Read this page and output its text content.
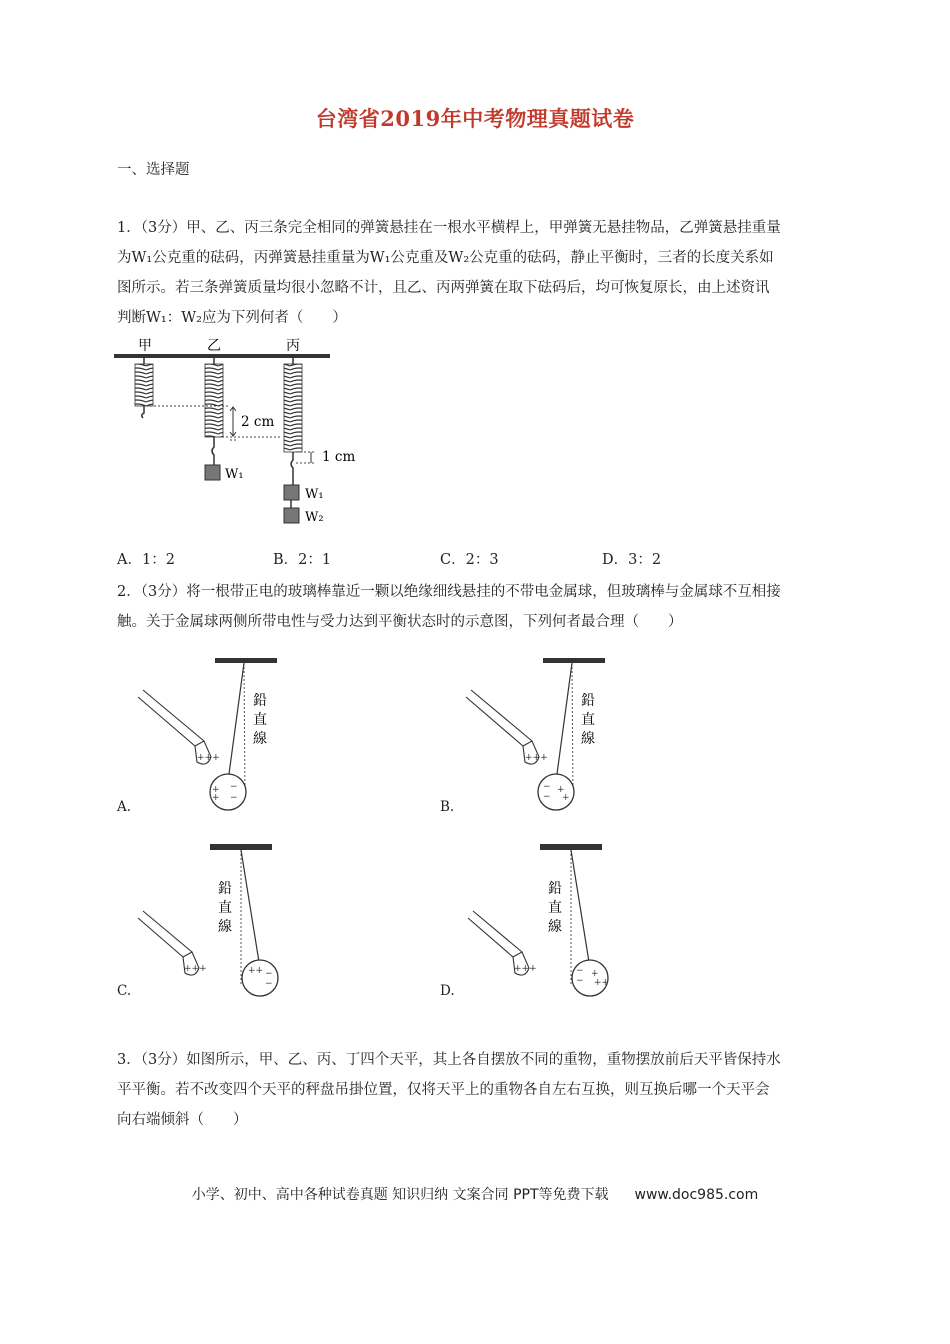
台湾省2019年中考物理真题试卷
一、选择题
1．（3分）甲、乙、丙三条完全相同的弹簧悬挂在一根水平横桿上，甲弹簧无悬挂物品，乙弹簧悬挂重量
为W₁公克重的砝码，丙弹簧悬挂重量为W₁公克重及W₂公克重的砝码，静止平衡时，三者的长度关系如
图所示。若三条弹簧质量均很小忽略不计，且乙、丙两弹簧在取下砝码后，均可恢复原长，由上述资讯
判断W₁：W₂应为下列何者（　　）
甲	乙	丙
2 cm
1 cm
W₁
W₁
W₂
A．1：2	B．2：1	C．2：3	D．3：2
2．（3分）将一根带正电的玻璃棒靠近一颗以绝缘细线悬挂的不带电金属球，但玻璃棒与金属球不互相接
触。关于金属球两侧所带电性与受力达到平衡状态时的示意图，下列何者最合理（　　）
+++
+
+
−
−
鉛
直
線
A.
+++
−
−
+
+
鉛
直
線
B.
+++	++ −
−
鉛
直
線
C.
+++	−
−
+
++
鉛
直
線
D.
3．（3分）如图所示，甲、乙、丙、丁四个天平，其上各自摆放不同的重物，重物摆放前后天平皆保持水
平平衡。若不改变四个天平的秤盘吊掛位置，仅将天平上的重物各自左右互换，则互换后哪一个天平会
向右端倾斜（　　）
小学、初中、高中各种试卷真题 知识归纳 文案合同 PPT等免费下载 www.doc985.com
